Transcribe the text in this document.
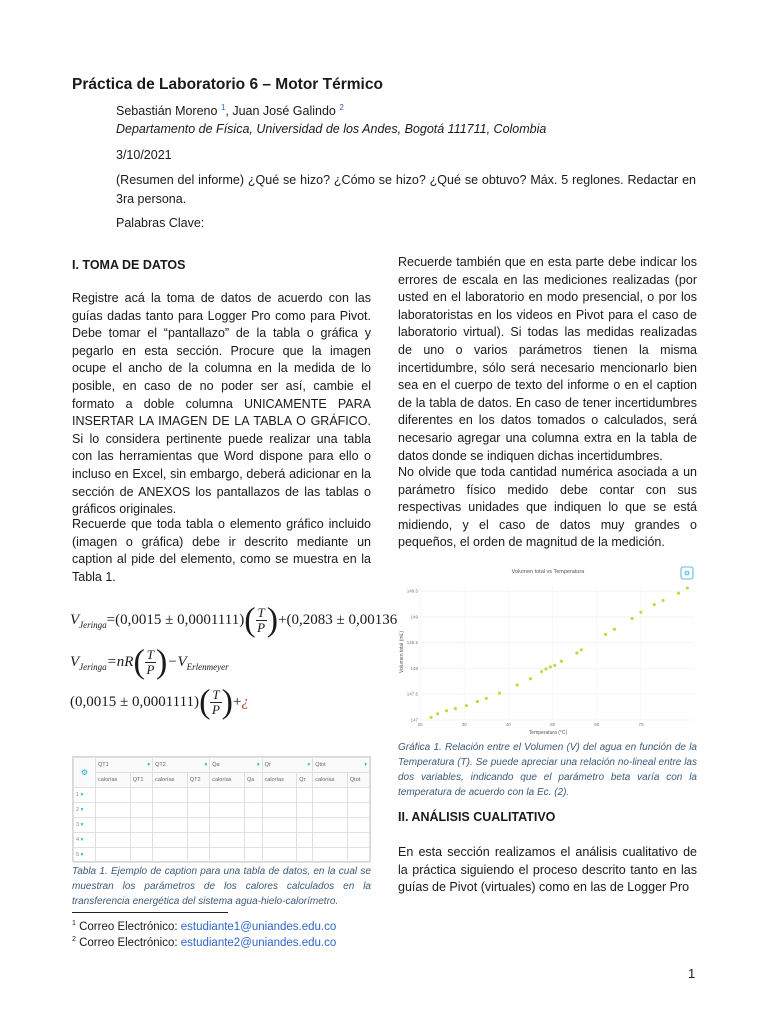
Práctica de Laboratorio 6 – Motor Térmico
Sebastián Moreno $^1$, Juan José Galindo $^2$
Departamento de Física, Universidad de los Andes, Bogotá 111711, Colombia
3/10/2021
(Resumen del informe) ¿Qué se hizo? ¿Cómo se hizo? ¿Qué se obtuvo? Máx. 5 reglones. Redactar en 3ra persona.
Palabras Clave:
I. TOMA DE DATOS
Registre acá la toma de datos de acuerdo con las guías dadas tanto para Logger Pro como para Pivot. Debe tomar el “pantallazo” de la tabla o gráfica y pegarlo en esta sección. Procure que la imagen ocupe el ancho de la columna en la medida de lo posible, en caso de no poder ser así, cambie el formato a doble columna UNICAMENTE PARA INSERTAR LA IMAGEN DE LA TABLA O GRÁFICO. Si lo considera pertinente puede realizar una tabla con las herramientas que Word dispone para ello o incluso en Excel, sin embargo, deberá adicionar en la sección de ANEXOS los pantallazos de las tablas o gráficos originales.
Recuerde que toda tabla o elemento gráfico incluido (imagen o gráfica) debe ir descrito mediante un caption al pide del elemento, como se muestra en la Tabla 1.
$V_{Jeringa}=(0,0015 \pm 0,0001111)( \frac{T}{P} )+(0,2083 \pm 0,00136$
$V_{Jeringa}=nR( \frac{T}{P} )-V_{Erlenmeyer}$
$(0,0015 \pm 0,0001111)( \frac{T}{P}$ )+¿
⚙	QT1 ▾		QT2 ▾		Qa ▾		Qr ▾		Qtot ▾	

	calorías	QT1	calorías	QT2	calorías	Qa	calorías	Qr	calorías	Qtot
1 ▾										
2 ▾										
3 ▾										
4 ▾										
5 ▾										
Tabla 1. Ejemplo de caption para una tabla de datos, en la cual se muestran los parámetros de los calores calculados en la transferencia energética del sistema agua-hielo-calorímetro.
$^1$ Correo Electrónico: estudiante1@uniandes.edu.co
$^2$ Correo Electrónico: estudiante2@uniandes.edu.co
Recuerde también que en esta parte debe indicar los errores de escala en las mediciones realizadas (por usted en el laboratorio en modo presencial, o por los laboratoristas en los videos en Pivot para el caso de laboratorio virtual). Si todas las medidas realizadas de uno o varios parámetros tienen la misma incertidumbre, sólo será necesario mencionarlo bien sea en el cuerpo de texto del informe o en el caption de la tabla de datos. En caso de tener incertidumbres diferentes en los datos tomados o calculados, será necesario agregar una columna extra en la tabla de datos donde se indiquen dichas incertidumbres.
No olvide que toda cantidad numérica asociada a un parámetro físico medido debe contar con sus respectivas unidades que indiquen lo que se está midiendo, y el caso de datos muy grandes o pequeños, el orden de magnitud de la medición.
Volumen total vs Temperatura	⚙
147
147.5
148
148.5
149
149.5
20	30	40	50	60	70
Temperatura (°C)
Volumen total (mL)
Gráfica 1. Relación entre el Volumen (V) del agua en función de la Temperatura (T). Se puede apreciar una relación no-lineal entre las dos variables, indicando que el parámetro beta varía con la temperatura de acuerdo con la Ec. (2).
II. ANÁLISIS CUALITATIVO
En esta sección realizamos el análisis cualitativo de la práctica siguiendo el proceso descrito tanto en las guías de Pivot (virtuales) como en las de Logger Pro
1
